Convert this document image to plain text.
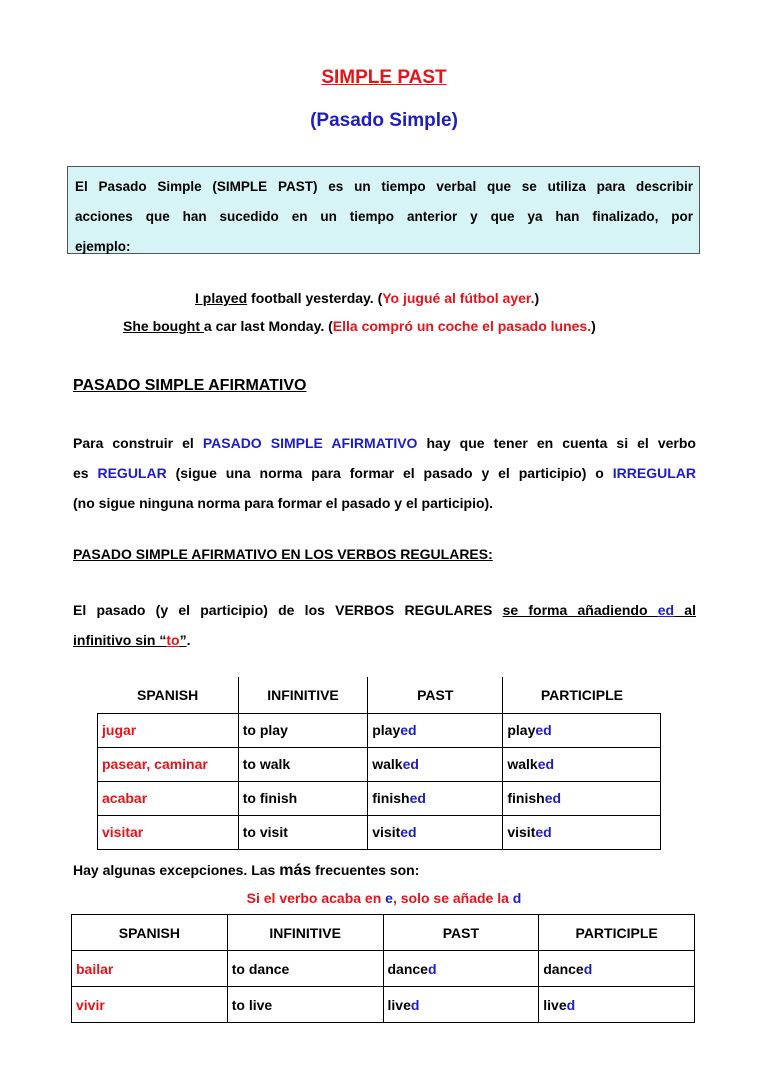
SIMPLE PAST
(Pasado Simple)
El Pasado Simple (SIMPLE PAST) es un tiempo verbal que se utiliza para describir
acciones que han sucedido en un tiempo anterior y que ya han finalizado, por
ejemplo:
I played football yesterday. (Yo jugué al fútbol ayer.)
She bought a car last Monday. (Ella compró un coche el pasado lunes.)
PASADO SIMPLE AFIRMATIVO
Para construir el PASADO SIMPLE AFIRMATIVO hay que tener en cuenta si el verbo
es REGULAR (sigue una norma para formar el pasado y el participio) o IRREGULAR
(no sigue ninguna norma para formar el pasado y el participio).
PASADO SIMPLE AFIRMATIVO EN LOS VERBOS REGULARES:
El pasado (y el participio) de los VERBOS REGULARES se forma añadiendo ed al
infinitivo sin “to”.
SPANISH	INFINITIVE	PAST	PARTICIPLE
jugar	to play	played	played
pasear, caminar	to walk	walked	walked
acabar	to finish	finished	finished
visitar	to visit	visited	visited
Hay algunas excepciones. Las más frecuentes son:
Si el verbo acaba en e, solo se añade la d
SPANISH	INFINITIVE	PAST	PARTICIPLE
bailar	to dance	danced	danced
vivir	to live	lived	lived
